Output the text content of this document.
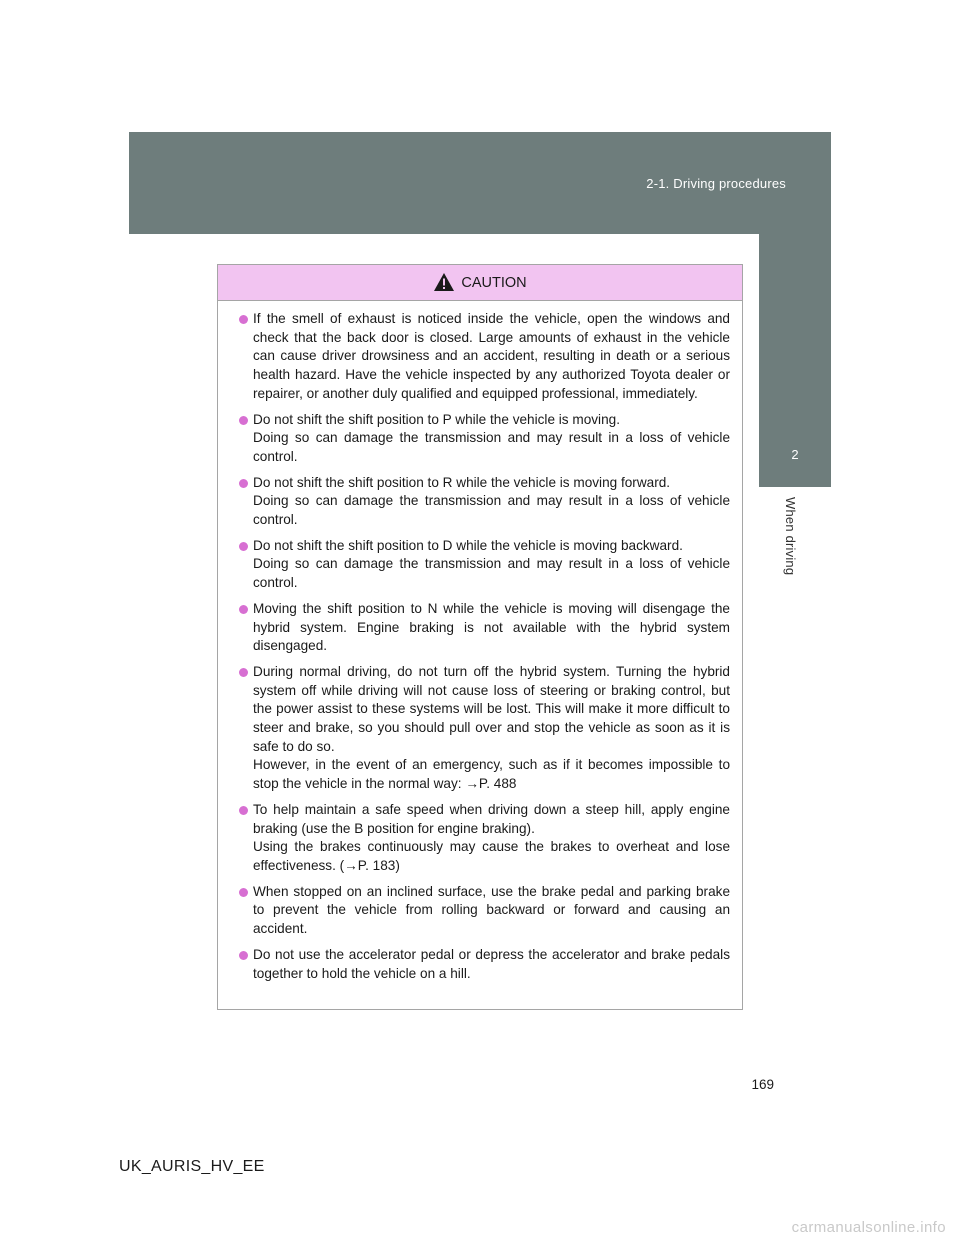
2-1. Driving procedures
2
When driving
CAUTION
If the smell of exhaust is noticed inside the vehicle, open the windows and check that the back door is closed. Large amounts of exhaust in the vehicle can cause driver drowsiness and an accident, resulting in death or a serious health hazard. Have the vehicle inspected by any authorized Toyota dealer or repairer, or another duly qualified and equipped professional, immediately.
Do not shift the shift position to P while the vehicle is moving.
Doing so can damage the transmission and may result in a loss of vehicle control.
Do not shift the shift position to R while the vehicle is moving forward.
Doing so can damage the transmission and may result in a loss of vehicle control.
Do not shift the shift position to D while the vehicle is moving backward.
Doing so can damage the transmission and may result in a loss of vehicle control.
Moving the shift position to N while the vehicle is moving will disengage the hybrid system. Engine braking is not available with the hybrid system disengaged.
During normal driving, do not turn off the hybrid system. Turning the hybrid system off while driving will not cause loss of steering or braking control, but the power assist to these systems will be lost. This will make it more difficult to steer and brake, so you should pull over and stop the vehicle as soon as it is safe to do so.
However, in the event of an emergency, such as if it becomes impossible to stop the vehicle in the normal way: →P. 488
To help maintain a safe speed when driving down a steep hill, apply engine braking (use the B position for engine braking).
Using the brakes continuously may cause the brakes to overheat and lose effectiveness. (→P. 183)
When stopped on an inclined surface, use the brake pedal and parking brake to prevent the vehicle from rolling backward or forward and causing an accident.
Do not use the accelerator pedal or depress the accelerator and brake pedals together to hold the vehicle on a hill.
169
UK_AURIS_HV_EE
carmanualsonline.info
